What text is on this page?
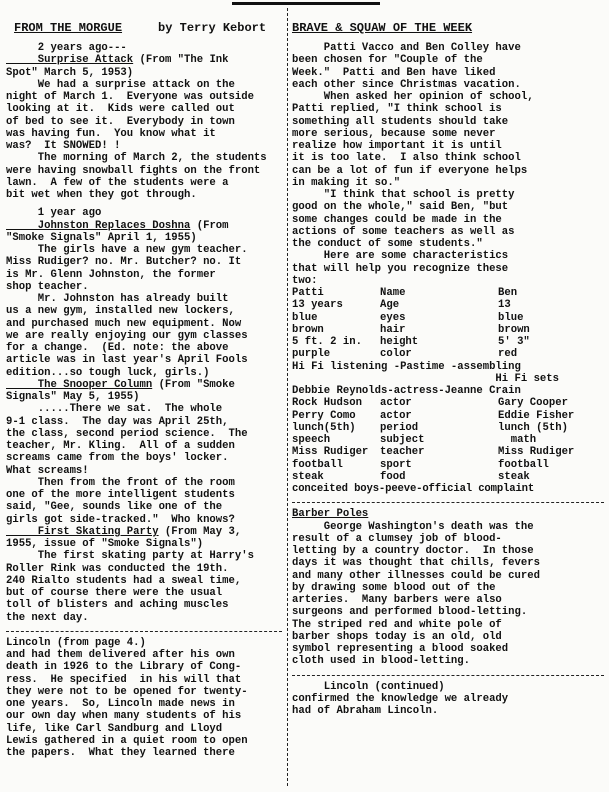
FROM THE MORGUE	by Terry Kebort BRAVE & SQUAW OF THE WEEK
2 years ago---
Surprise Attack (From "The Ink
Spot" March 5, 1953)
We had a surprise attack on the
night of March 1.  Everyone was outside
looking at it.  Kids were called out
of bed to see it.  Everybody in town
was having fun.  You know what it
was?  It SNOWED! !
The morning of March 2, the students
were having snowball fights on the front
lawn.  A few of the students were a
bit wet when they got through.
1 year ago
Johnston Replaces Doshna (From
"Smoke Signals" April 1, 1955)
The girls have a new gym teacher.
Miss Rudiger? no. Mr. Butcher? no. It
is Mr. Glenn Johnston, the former
shop teacher.
Mr. Johnston has already built
us a new gym, installed new lockers,
and purchased much new equipment. Now
we are really enjoying our gym classes
for a change.  (Ed. note: the above
article was in last year's April Fools
edition...so tough luck, girls.)
The Snooper Column (From "Smoke
Signals" May 5, 1955)
.....There we sat.  The whole
9-1 class.  The day was April 25th,
the class, second period science.  The
teacher, Mr. Kling.  All of a sudden
screams came from the boys' locker.
What screams!
Then from the front of the room
one of the more intelligent students
said, "Gee, sounds like one of the
girls got side-tracked."  Who knows?
First Skating Party (From May 3,
1955, issue of "Smoke Signals")
The first skating party at Harry's
Roller Rink was conducted the 19th.
240 Rialto students had a sweal time,
but of course there were the usual
toll of blisters and aching muscles
the next day.
Lincoln (from page 4.)
and had them delivered after his own
death in 1926 to the Library of Cong-
ress.  He specified  in his will that
they were not to be opened for twenty-
one years.  So, Lincoln made news in
our own day when many students of his
life, like Carl Sandburg and Lloyd
Lewis gathered in a quiet room to open
the papers.  What they learned there
Patti Vacco and Ben Colley have
been chosen for "Couple of the
Week."  Patti and Ben have liked
each other since Christmas vacation.
When asked her opinion of school,
Patti replied, "I think school is
something all students should take
more serious, because some never
realize how important it is until
it is too late.  I also think school
can be a lot of fun if everyone helps
in making it so."
"I think that school is pretty
good on the whole," said Ben, "but
some changes could be made in the
actions of some teachers as well as
the conduct of some students."
Here are some characteristics
that will help you recognize these
two:
Patti	Name	Ben
13 years	Age	13
blue	eyes	blue
brown	hair	brown
5 ft. 2 in.	height	5' 3"
purple	color	red
Hi Fi listening -Pastime -assembling
Hi Fi sets
Debbie Reynolds-actress-Jeanne Crain
Rock Hudson	actor	Gary Cooper
Perry Como	actor	Eddie Fisher
lunch(5th)	period	lunch (5th)
speech	subject	math
Miss Rudiger	teacher	Miss Rudiger
football	sport	football
steak	food	steak
conceited boys-peeve-official complaint
Barber Poles
George Washington's death was the
result of a clumsey job of blood-
letting by a country doctor.  In those
days it was thought that chills, fevers
and many other illnesses could be cured
by drawing some blood out of the
arteries.  Many barbers were also
surgeons and performed blood-letting.
The striped red and white pole of
barber shops today is an old, old
symbol representing a blood soaked
cloth used in blood-letting.
Lincoln (continued)
confirmed the knowledge we already
had of Abraham Lincoln.
